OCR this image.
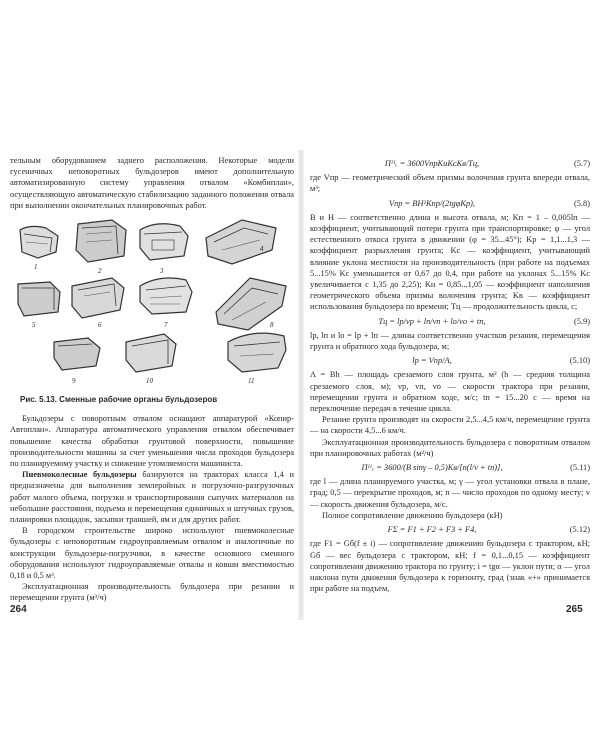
тельным оборудованием заднего расположения. Некоторые модели гусеничных неповоротных бульдозеров имеют дополнительную автоматизированную систему управления отвалом «Комбиплан», осуществляющую автоматическую стабилизацию заданного положения отвала при выполнении окончательных планировочных работ.

1	2	3
4
5	6	7	8
9	10	11
Рис. 5.13. Сменные рабочие органы бульдозеров

Бульдозеры с поворотным отвалом оснащают аппаратурой «Копир-Автоплан». Аппаратура автоматического управления отвалом обеспечивает повышение качества обработки грунтовой поверхности, повышение производительности машины за счет уменьшения числа проходов бульдозера по планируемому участку и снижение утомляемости машиниста.

Пневмоколесные бульдозеры базируются на тракторах класса 1,4 и предназначены для выполнения землеройных и погрузочно-разгрузочных работ малого объема, погрузки и транспортирования сыпучих материалов на небольшие расстояния, подъема и перемещения единичных и штучных грузов, планировки площадок, засыпки траншей, ям и для других работ.

В городском строительстве широко используют пневмоколесные бульдозеры с неповоротным гидроуправляемым отвалом и аналогичные по конструкции бульдозеры-погрузчики, в качестве основного сменного оборудования используют гидроуправляемые отвалы и ковши вместимостью 0,18 и 0,5 м³.

Эксплуатационная производительность бульдозера при резании и перемещении грунта (м³/ч)

264
Пᴵᴵₑ = 3600VпрKиKсKв/Tц,	(5.7)

где Vпр — геометрический объем призмы волочения грунта впереди отвала, м³;

Vпр = BH²Kпр/(2tgφKр),	(5.8)

B и H — соответственно длина и высота отвала, м; Kп = 1 – 0,005lп — коэффициент, учитывающий потери грунта при транспортировке; φ — угол естественного откоса грунта в движении (φ = 35...45°); Kр = 1,1...1,3 — коэффициент разрыхления грунта; Kс — коэффициент, учитывающий влияние уклона местности на производительность (при работе на подъемах 5...15% Kс уменьшается от 0,67 до 0,4, при работе на уклонах 5...15% Kс увеличивается с 1,35 до 2,25); Kн = 0,85...1,05 — коэффициент наполнения геометрического объема призмы волочения грунта; Kв — коэффициент использования бульдозера по времени; Tц — продолжительность цикла, с;

Tц = lр/vр + lп/vп + lо/vо + tп,	(5.9)

lр, lп и lо = lр + lп — длины соответственно участков резания, перемещения грунта и обратного хода бульдозера, м;

lр = Vпр/A,	(5.10)

A = Bh — площадь срезаемого слоя грунта, м² (h — средняя толщина срезаемого слоя, м); vр, vп, vо — скорости трактора при резании, перемещении грунта и обратном ходе, м/с; tп = 15...20 с — время на переключение передач в течение цикла.

Резание грунта производят на скорости 2,5...4,5 км/ч, перемещение грунта — на скорости 4,5...6 км/ч.

Эксплуатационная производительность бульдозера с поворотным отвалом при планировочных работах (м²/ч)

Пᴵᴵₑ = 3600/(B sinγ – 0,5)Kв/[n(l/v + tп)],	(5.11)

где l — длина планируемого участка, м; γ — угол установки отвала в плане, град; 0,5 — перекрытие проходов, м; n — число проходов по одному месту; v — скорость движения бульдозера, м/с.

Полное сопротивление движению бульдозера (кН)

FΣ = F1 + F2 + F3 + F4,	(5.12)

где F1 = Gб(f ± i) — сопротивление движению бульдозера с трактором, кН; Gб — вес бульдозера с трактором, кН; f = 0,1...0,15 — коэффициент сопротивления движению трактора по грунту; i = tgα — уклон пути; α — угол наклона пути движения бульдозера к горизонту, град (знак «+» принимается при работе на подъем,

265
